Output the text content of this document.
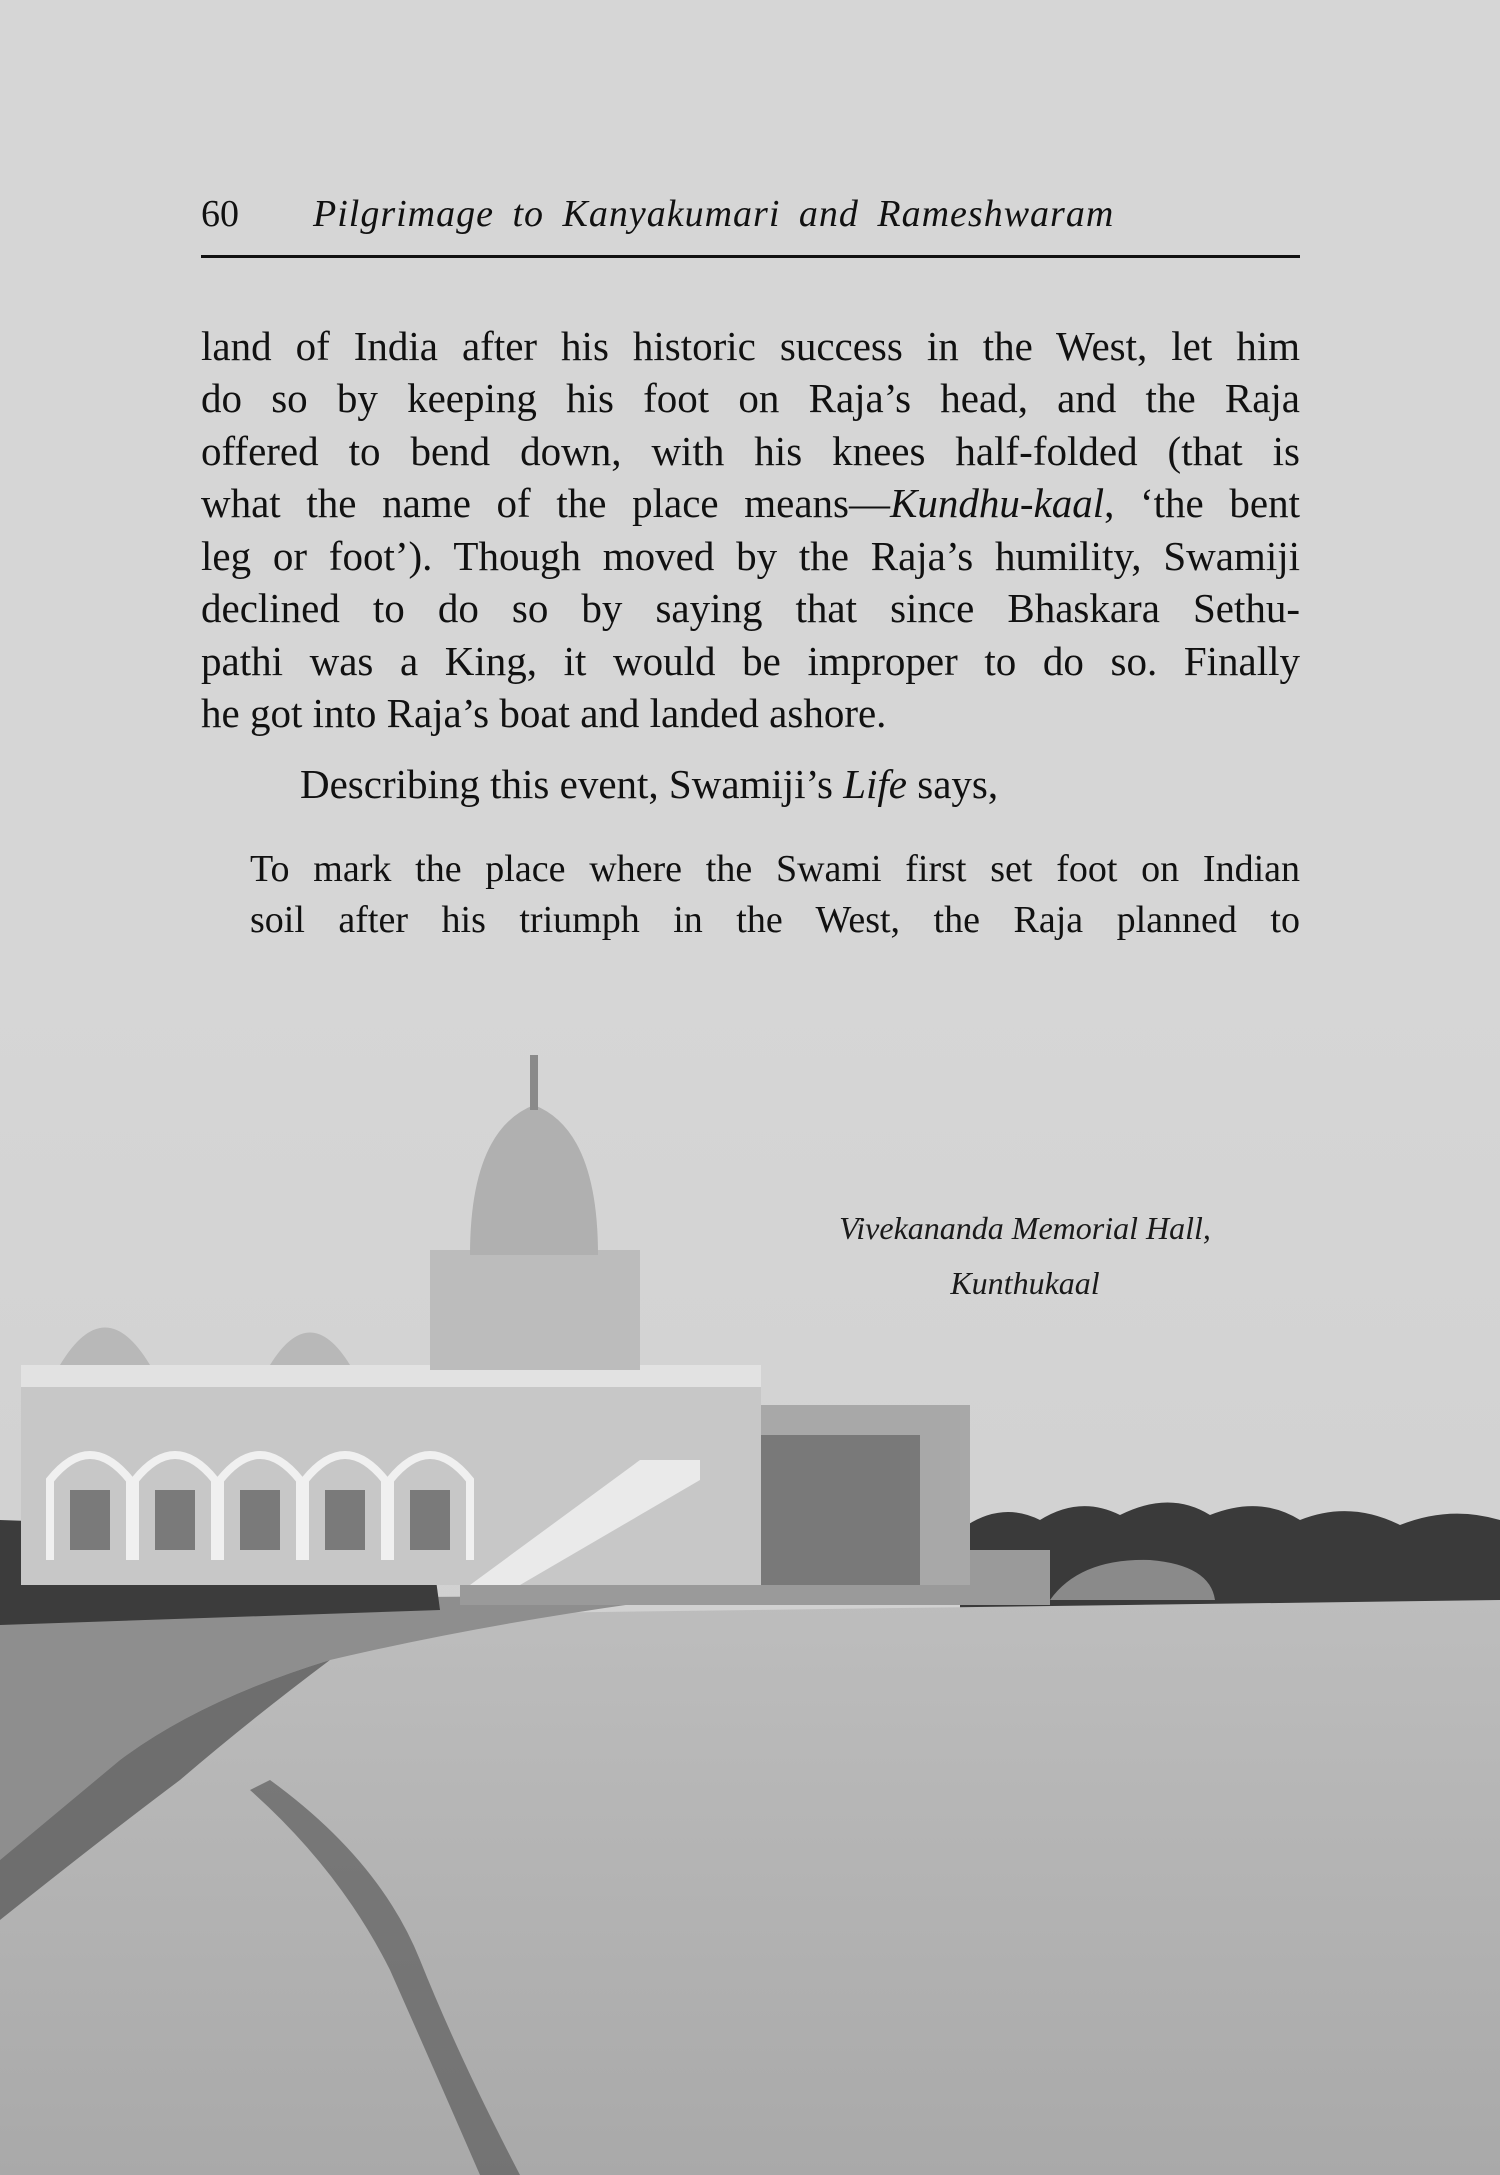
60 Pilgrimage to Kanyakumari and Rameshwaram
land of India after his historic success in the West, let him
do so by keeping his foot on Raja’s head, and the Raja
offered to bend down, with his knees half-folded (that is
what the name of the place means—Kundhu-kaal, ‘the bent
leg or foot’). Though moved by the Raja’s humility, Swamiji
declined to do so by saying that since Bhaskara Sethu-
pathi was a King, it would be improper to do so. Finally
he got into Raja’s boat and landed ashore.
Describing this event, Swamiji’s Life says,
To mark the place where the Swami first set foot on Indian
soil after his triumph in the West, the Raja planned to
Vivekananda Memorial Hall,
Kunthukaal
